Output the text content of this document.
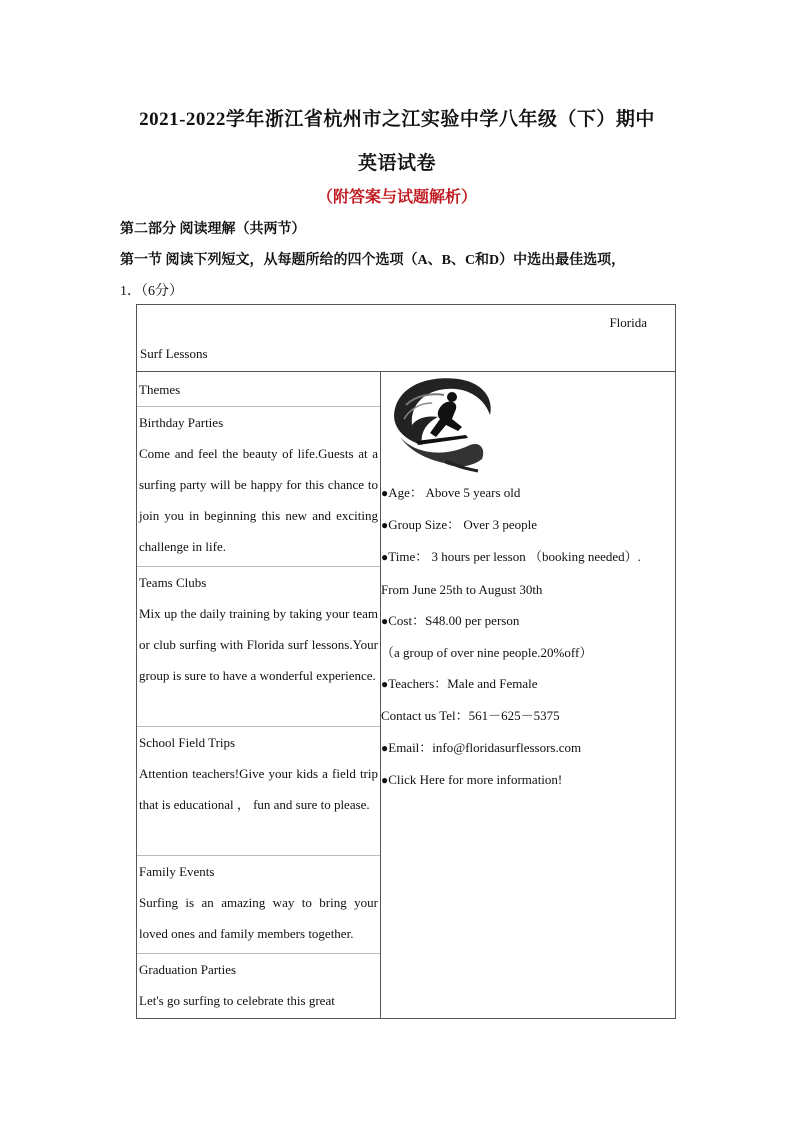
2021-2022学年浙江省杭州市之江实验中学八年级（下）期中
英语试卷
（附答案与试题解析）
第二部分 阅读理解（共两节）
第一节 阅读下列短文，从每题所给的四个选项（A、B、C和D）中选出最佳选项，
1．（6分）
Florida
Surf Lessons
Themes
Birthday Parties
Come and feel the beauty of life.Guests at a surfing party will be happy for this chance to join you in beginning this new and exciting challenge in life.
Teams Clubs
Mix up the daily training by taking your team or club surfing with Florida surf lessons.Your group is sure to have a wonderful experience.
School Field Trips
Attention teachers!Give your kids a field trip that is educational ， fun and sure to please.
Family Events
Surfing is an amazing way to bring your loved ones and family members together.
Graduation Parties
Let's go surfing to celebrate this great
●Age： Above 5 years old
●Group Size： Over 3 people
●Time： 3 hours per lesson （booking needed）.
From June 25th to August 30th
●Cost：S48.00 per person
（a group of over nine people.20%off）
●Teachers：Male and Female
Contact us Tel：561－625－5375
●Email：info@floridasurflessors.com
●Click Here for more information!
